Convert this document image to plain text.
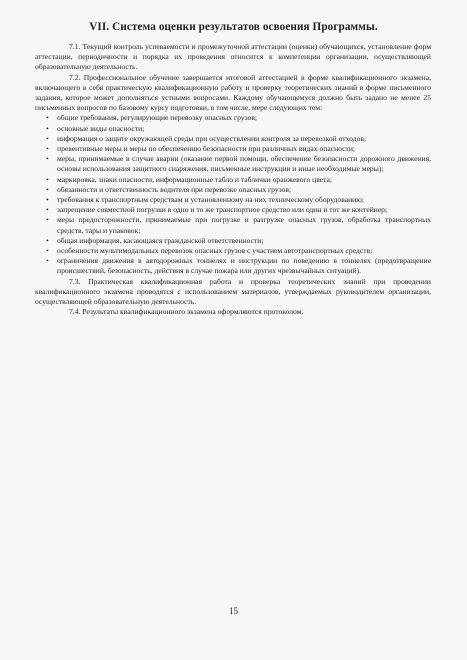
VII. Система оценки результатов освоения Программы.

7.1. Текущий контроль успеваемости и промежуточной аттестации (оценки) обучающихся, установление форм аттестации, периодичности и порядка их проведения относится к компетенции организации, осуществляющей образовательную деятельность.

7.2. Профессиональное обучение завершается итоговой аттестацией в форме квалификационного экзамена, включающего в себя практическую квалификационную работу и проверку теоретических знаний в форме письменного задания, которое может дополняться устными вопросами. Каждому обучающемуся должно быть задано не менее 25 письменных вопросов по базовому курсу подготовки, в том числе, мере следующих тем:

• общие требования, регулирующие перевозку опасных грузов;

• основные виды опасности;

• информация о защите окружающей среды при осуществлении контроля за перевозкой отходов;

• превентивные меры и меры по обеспечению безопасности при различных видах опасности;

• меры, принимаемые в случае аварии (оказание первой помощи, обеспечение безопасности дорожного движения, основы использования защитного снаряжения, письменные инструкции и иные необходимые меры);

• маркировка, знаки опасности, информационные табло и таблички оранжевого цвета;

• обязанности и ответственность водителя при перевозке опасных грузов;

• требования к транспортным средствам и установленному на них техническому оборудованию;

• запрещение совместной погрузки в одно и то же транспортное средство или один и тот же контейнер;

• меры предосторожности, принимаемые при погрузке и разгрузке опасных грузов, обработка транспортных средств, тары и упаковок;

• общая информация, касающаяся гражданской ответственности;

• особенности мультимодальных перевозок опасных грузов с участием автотранспортных средств;

• ограничения движения в автодорожных тоннелях и инструкции по поведению в тоннелях (предотвращение происшествий, безопасность, действия в случае пожара или других чрезвычайных ситуаций).

7.3. Практическая квалификационная работа и проверка теоретических знаний при проведении квалификационного экзамена проводятся с использованием материалов, утверждаемых руководителем организации, осуществляющей образовательную деятельность.

7.4. Результаты квалификационного экзамена оформляются протоколом.

15
